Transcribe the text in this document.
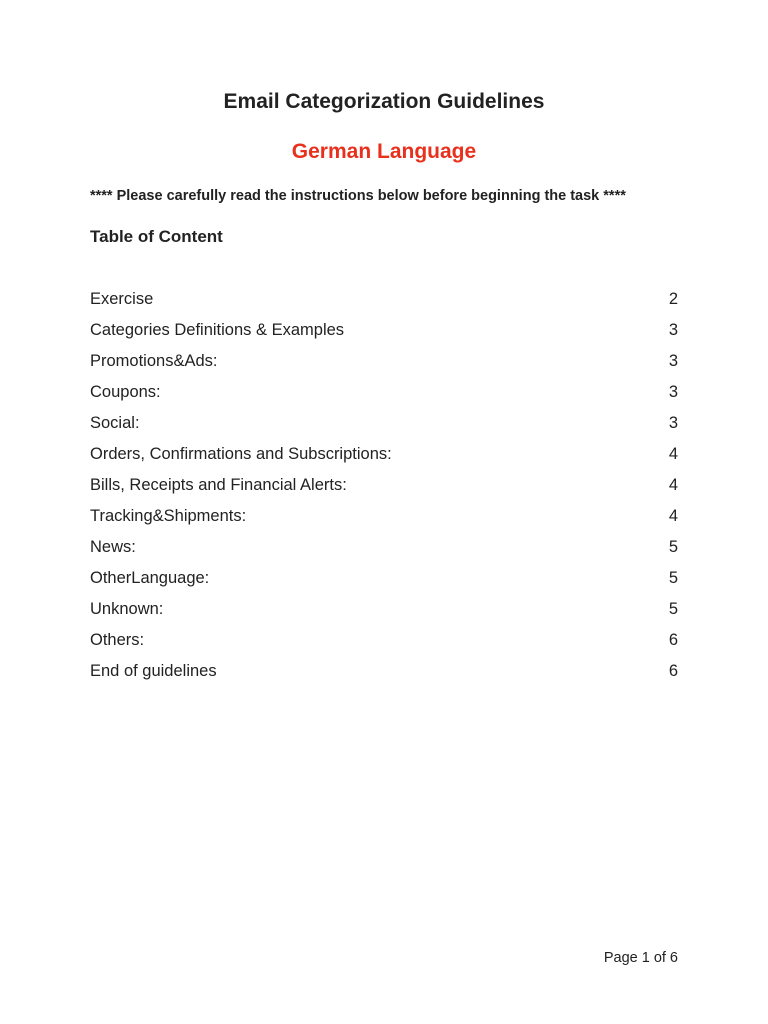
Email Categorization Guidelines
German Language
**** Please carefully read the instructions below before beginning the task ****
Table of Content
Exercise	2
Categories Definitions & Examples	3
Promotions&Ads:	3
Coupons:	3
Social:	3
Orders, Confirmations and Subscriptions:	4
Bills, Receipts and Financial Alerts:	4
Tracking&Shipments:	4
News:	5
OtherLanguage:	5
Unknown:	5
Others:	6
End of guidelines	6
Page 1 of 6
